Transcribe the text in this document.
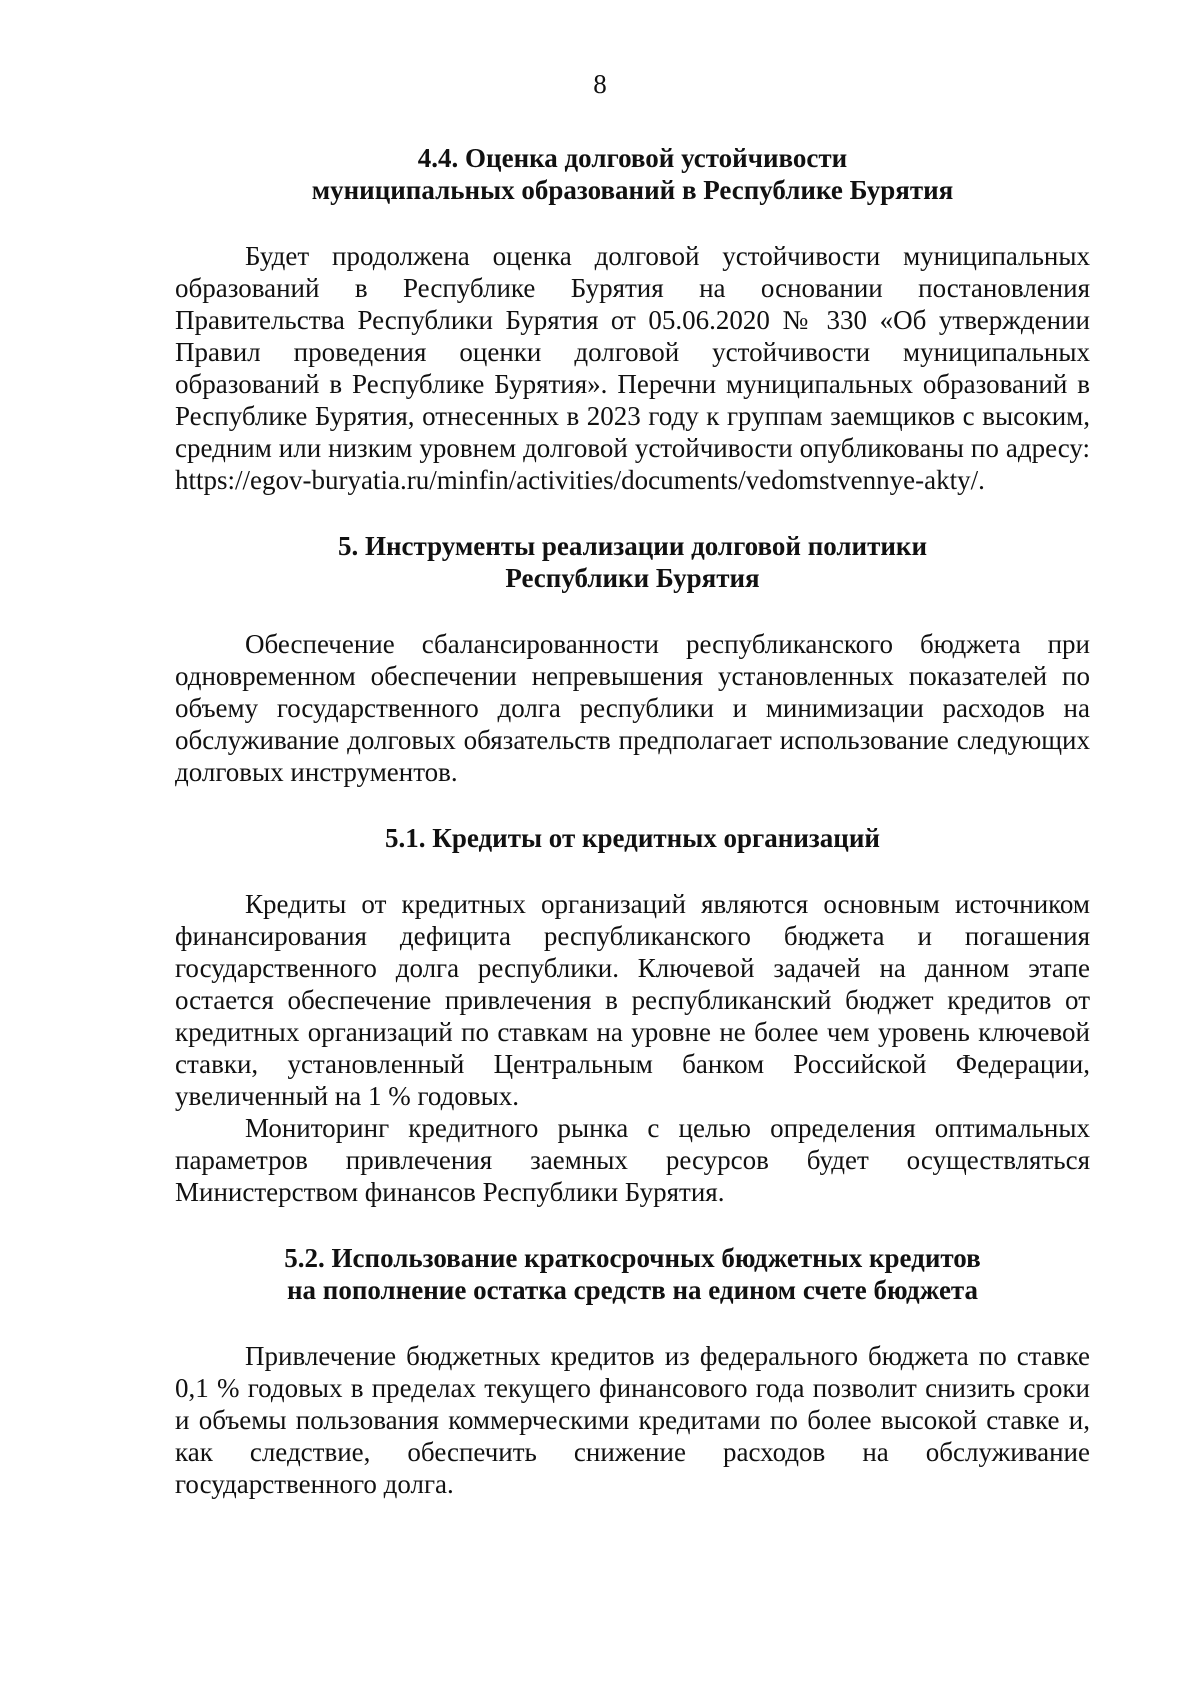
8
4.4. Оценка долговой устойчивости
муниципальных образований в Республике Бурятия

Будет продолжена оценка долговой устойчивости муниципальных образований в Республике Бурятия на основании постановления Правительства Республики Бурятия от 05.06.2020 № 330 «Об утверждении Правил проведения оценки долговой устойчивости муниципальных образований в Республике Бурятия». Перечни муниципальных образований в Республике Бурятия, отнесенных в 2023 году к группам заемщиков с высоким, средним или низким уровнем долговой устойчивости опубликованы по адресу: https://egov-buryatia.ru/minfin/activities/documents/vedomstvennye-akty/.

5. Инструменты реализации долговой политики
Республики Бурятия

Обеспечение сбалансированности республиканского бюджета при одновременном обеспечении непревышения установленных показателей по объему государственного долга республики и минимизации расходов на обслуживание долговых обязательств предполагает использование следующих долговых инструментов.

5.1. Кредиты от кредитных организаций

Кредиты от кредитных организаций являются основным источником финансирования дефицита республиканского бюджета и погашения государственного долга республики. Ключевой задачей на данном этапе остается обеспечение привлечения в республиканский бюджет кредитов от кредитных организаций по ставкам на уровне не более чем уровень ключевой ставки, установленный Центральным банком Российской Федерации, увеличенный на 1 % годовых.

Мониторинг кредитного рынка с целью определения оптимальных параметров привлечения заемных ресурсов будет осуществляться Министерством финансов Республики Бурятия.

5.2. Использование краткосрочных бюджетных кредитов
на пополнение остатка средств на едином счете бюджета

Привлечение бюджетных кредитов из федерального бюджета по ставке 0,1 % годовых в пределах текущего финансового года позволит снизить сроки и объемы пользования коммерческими кредитами по более высокой ставке и, как следствие, обеспечить снижение расходов на обслуживание государственного долга.
